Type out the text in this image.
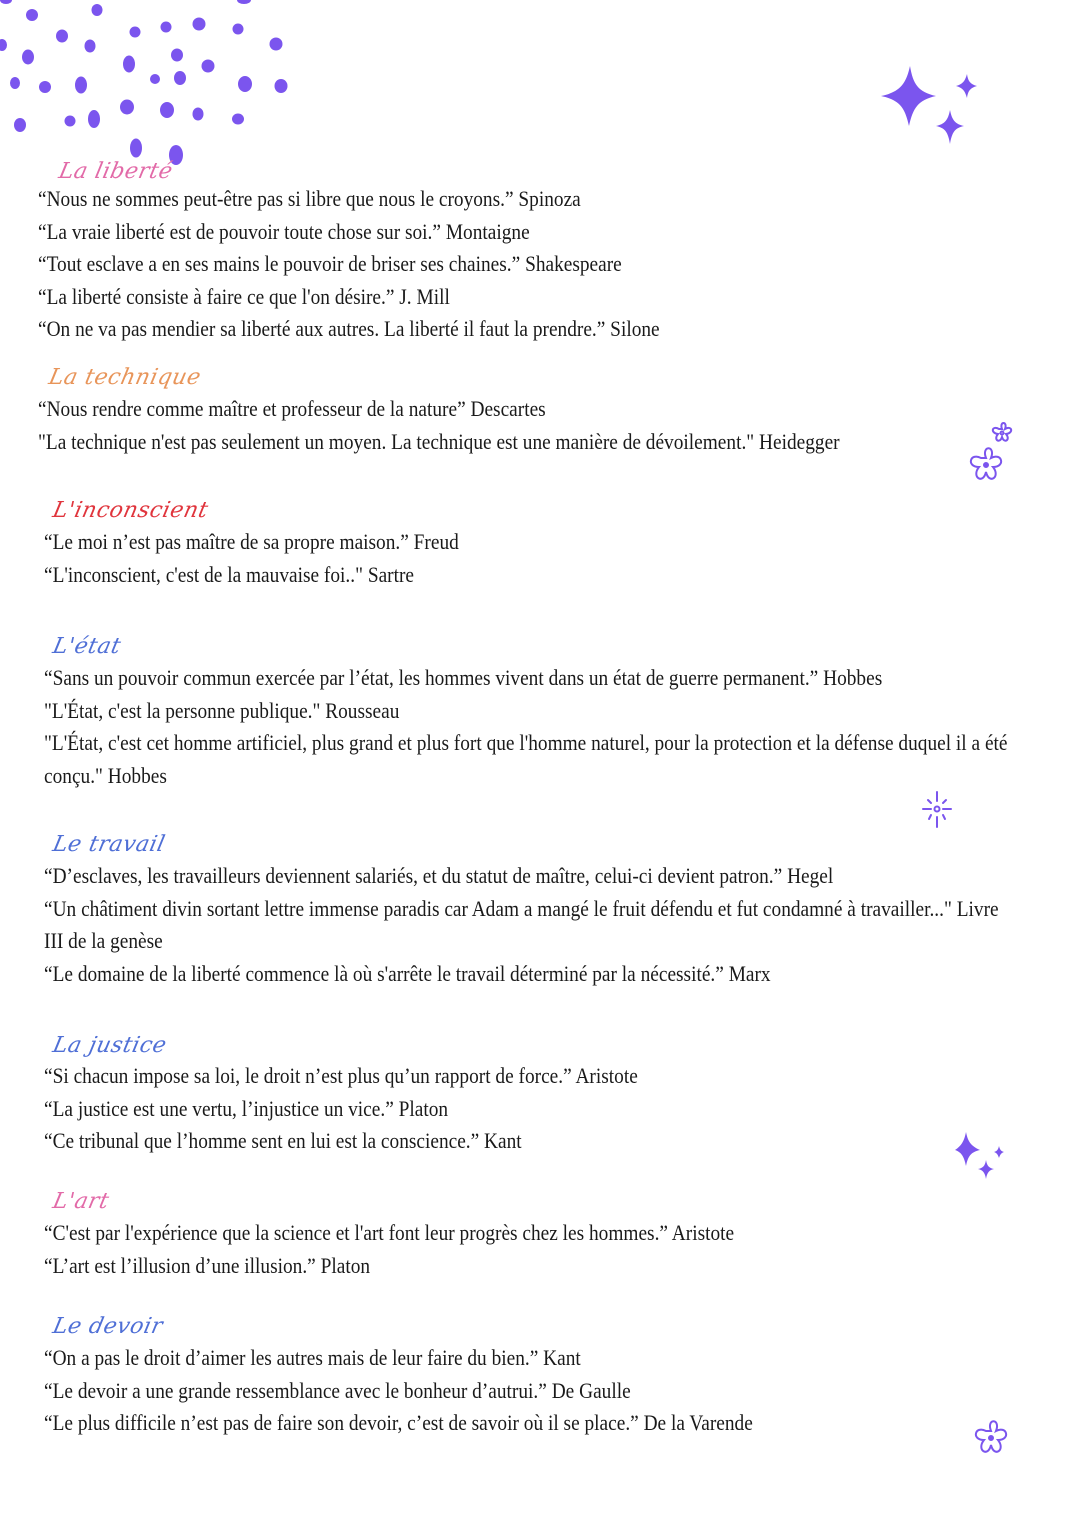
La liberté

“Nous ne sommes peut-être pas si libre que nous le croyons.” Spinoza

“La vraie liberté est de pouvoir toute chose sur soi.” Montaigne

“Tout esclave a en ses mains le pouvoir de briser ses chaines.” Shakespeare

“La liberté consiste à faire ce que l'on désire.” J. Mill

“On ne va pas mendier sa liberté aux autres. La liberté il faut la prendre.” Silone

La technique

“Nous rendre comme maître et professeur de la nature” Descartes

"La technique n'est pas seulement un moyen. La technique est une manière de dévoilement." Heidegger

L'inconscient

“Le moi n’est pas maître de sa propre maison.” Freud

“L'inconscient, c'est de la mauvaise foi.." Sartre

L'état

“Sans un pouvoir commun exercée par l’état, les hommes vivent dans un état de guerre permanent.” Hobbes

"L'État, c'est la personne publique." Rousseau

"L'État, c'est cet homme artificiel, plus grand et plus fort que l'homme naturel, pour la protection et la défense duquel il a été conçu." Hobbes

Le travail

“D’esclaves, les travailleurs deviennent salariés, et du statut de maître, celui-ci devient patron.” Hegel

“Un châtiment divin sortant lettre immense paradis car Adam a mangé le fruit défendu et fut condamné à travailler..." Livre III de la genèse

“Le domaine de la liberté commence là où s'arrête le travail déterminé par la nécessité.” Marx

La justice

“Si chacun impose sa loi, le droit n’est plus qu’un rapport de force.” Aristote

“La justice est une vertu, l’injustice un vice.” Platon

“Ce tribunal que l’homme sent en lui est la conscience.” Kant

L'art

“C'est par l'expérience que la science et l'art font leur progrès chez les hommes.” Aristote

“L’art est l’illusion d’une illusion.” Platon

Le devoir

“On a pas le droit d’aimer les autres mais de leur faire du bien.” Kant

“Le devoir a une grande ressemblance avec le bonheur d’autrui.” De Gaulle

“Le plus difficile n’est pas de faire son devoir, c’est de savoir où il se place.” De la Varende
